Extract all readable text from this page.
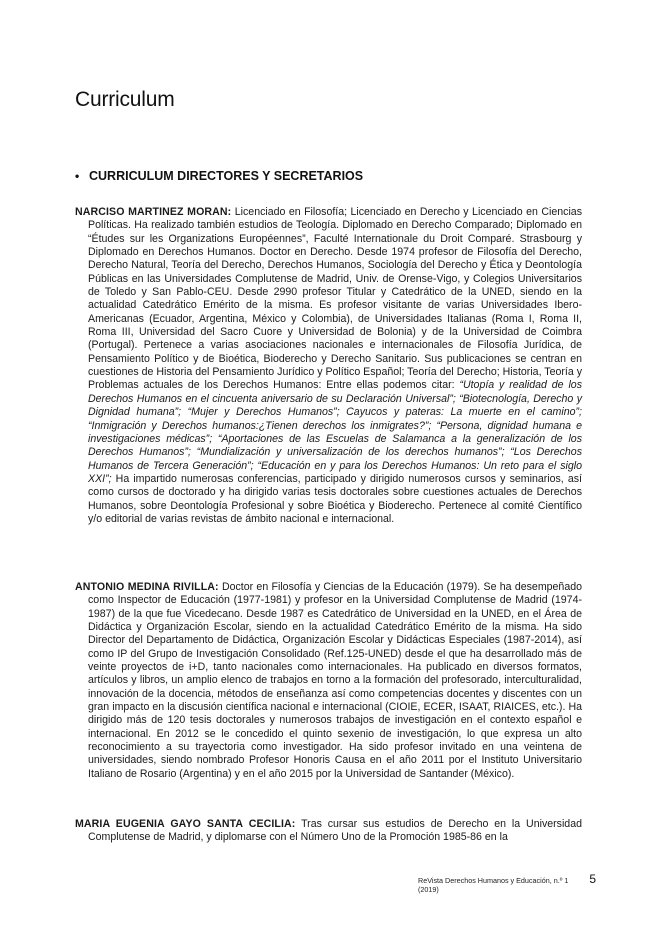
Curriculum
• CURRICULUM DIRECTORES Y SECRETARIOS

NARCISO MARTINEZ MORAN: Licenciado en Filosofía; Licenciado en Derecho y Licenciado en Ciencias Políticas. Ha realizado también estudios de Teología. Diplomado en Derecho Comparado; Diplomado en “Études sur les Organizations Européennes”, Faculté Internationale du Droit Comparé. Strasbourg y Diplomado en Derechos Humanos. Doctor en Derecho. Desde 1974 profesor de Filosofía del Derecho, Derecho Natural, Teoría del Derecho, Derechos Humanos, Sociología del Derecho y Ética y Deontología Públicas en las Universidades Complutense de Madrid, Univ. de Orense-Vigo, y Colegios Universitarios de Toledo y San Pablo-CEU. Desde 2990 profesor Titular y Catedrático de la UNED, siendo en la actualidad Catedrático Emérito de la misma. Es profesor visitante de varias Universidades Ibero-Americanas (Ecuador, Argentina, México y Colombia), de Universidades Italianas (Roma I, Roma II, Roma III, Universidad del Sacro Cuore y Universidad de Bolonia) y de la Universidad de Coimbra (Portugal). Pertenece a varias asociaciones nacionales e internacionales de Filosofía Jurídica, de Pensamiento Político y de Bioética, Bioderecho y Derecho Sanitario. Sus publicaciones se centran en cuestiones de Historia del Pensamiento Jurídico y Político Español; Teoría del Derecho; Historia, Teoría y Problemas actuales de los Derechos Humanos: Entre ellas podemos citar: “Utopía y realidad de los Derechos Humanos en el cincuenta aniversario de su Declaración Universal”; “Biotecnología, Derecho y Dignidad humana”; “Mujer y Derechos Humanos”; Cayucos y pateras: La muerte en el camino”; “Inmigración y Derechos humanos:¿Tienen derechos los inmigrates?”; “Persona, dignidad humana e investigaciones médicas”; “Aportaciones de las Escuelas de Salamanca a la generalización de los Derechos Humanos”; “Mundialización y universalización de los derechos humanos”; “Los Derechos Humanos de Tercera Generación”; “Educación en y para los Derechos Humanos: Un reto para el siglo XXI”; Ha impartido numerosas conferencias, participado y dirigido numerosos cursos y seminarios, así como cursos de doctorado y ha dirigido varias tesis doctorales sobre cuestiones actuales de Derechos Humanos, sobre Deontología Profesional y sobre Bioética y Bioderecho. Pertenece al comité Científico y/o editorial de varias revistas de ámbito nacional e internacional.

ANTONIO MEDINA RIVILLA: Doctor en Filosofía y Ciencias de la Educación (1979). Se ha desempeñado como Inspector de Educación (1977-1981) y profesor en la Universidad Complutense de Madrid (1974-1987) de la que fue Vicedecano. Desde 1987 es Catedrático de Universidad en la UNED, en el Área de Didáctica y Organización Escolar, siendo en la actualidad Catedrático Emérito de la misma. Ha sido Director del Departamento de Didáctica, Organización Escolar y Didácticas Especiales (1987-2014), así como IP del Grupo de Investigación Consolidado (Ref.125-UNED) desde el que ha desarrollado más de veinte proyectos de i+D, tanto nacionales como internacionales. Ha publicado en diversos formatos, artículos y libros, un amplio elenco de trabajos en torno a la formación del profesorado, interculturalidad, innovación de la docencia, métodos de enseñanza así como competencias docentes y discentes con un gran impacto en la discusión científica nacional e internacional (CIOIE, ECER, ISAAT, RIAICES, etc.). Ha dirigido más de 120 tesis doctorales y numerosos trabajos de investigación en el contexto español e internacional. En 2012 se le concedido el quinto sexenio de investigación, lo que expresa un alto reconocimiento a su trayectoria como investigador. Ha sido profesor invitado en una veintena de universidades, siendo nombrado Profesor Honoris Causa en el año 2011 por el Instituto Universitario Italiano de Rosario (Argentina) y en el año 2015 por la Universidad de Santander (México).

MARIA EUGENIA GAYO SANTA CECILIA: Tras cursar sus estudios de Derecho en la Universidad Complutense de Madrid, y diplomarse con el Número Uno de la Promoción 1985-86 en la

ReVista Derechos Humanos y Educación, n.º 1 (2019)
5
